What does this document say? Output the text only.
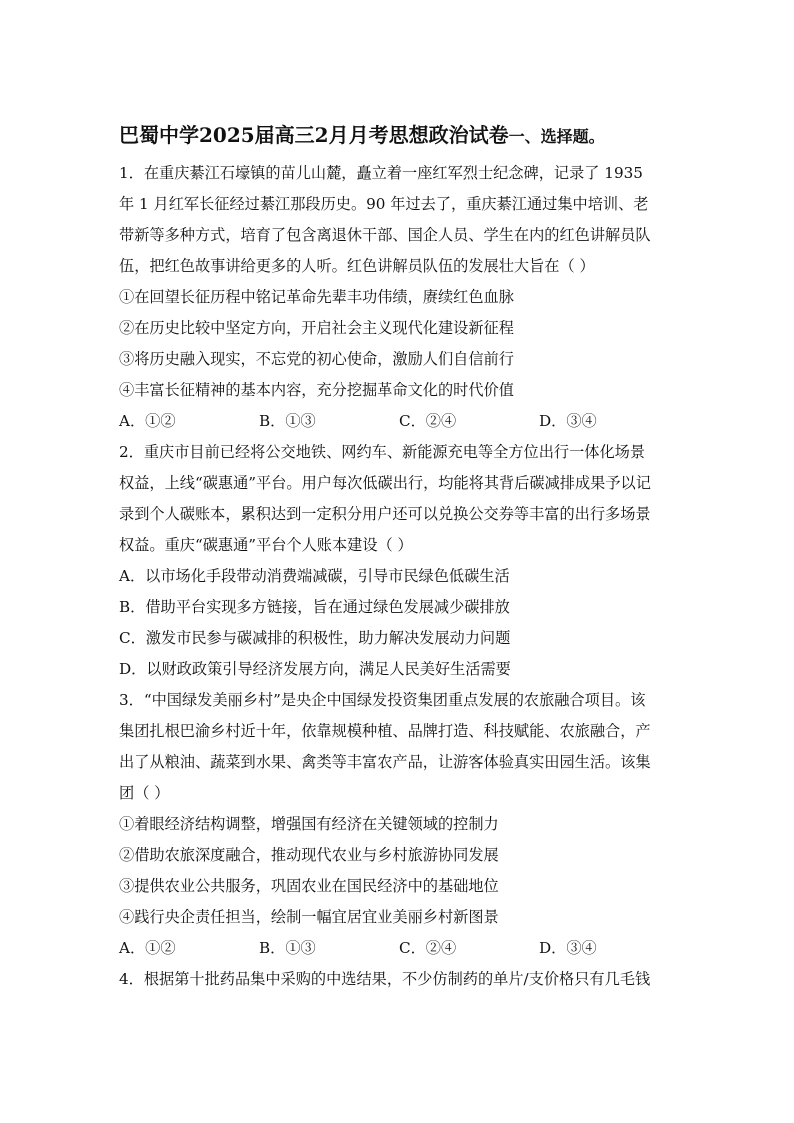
巴蜀中学2025届高三2月月考思想政治试卷一、选择题。
1．在重庆綦江石壕镇的苗儿山麓，矗立着一座红军烈士纪念碑，记录了 1935
年 1 月红军长征经过綦江那段历史。90 年过去了，重庆綦江通过集中培训、老
带新等多种方式，培育了包含离退休干部、国企人员、学生在内的红色讲解员队
伍，把红色故事讲给更多的人听。红色讲解员队伍的发展壮大旨在（ ）
①在回望长征历程中铭记革命先辈丰功伟绩，赓续红色血脉
②在历史比较中坚定方向，开启社会主义现代化建设新征程
③将历史融入现实，不忘党的初心使命，激励人们自信前行
④丰富长征精神的基本内容，充分挖掘革命文化的时代价值
A．①②	B．①③	C．②④	D．③④
2．重庆市目前已经将公交地铁、网约车、新能源充电等全方位出行一体化场景
权益，上线“碳惠通”平台。用户每次低碳出行，均能将其背后碳减排成果予以记
录到个人碳账本，累积达到一定积分用户还可以兑换公交券等丰富的出行多场景
权益。重庆“碳惠通”平台个人账本建设（ ）
A．以市场化手段带动消费端减碳，引导市民绿色低碳生活
B．借助平台实现多方链接，旨在通过绿色发展减少碳排放
C．激发市民参与碳减排的积极性，助力解决发展动力问题
D．以财政政策引导经济发展方向，满足人民美好生活需要
3．“中国绿发美丽乡村”是央企中国绿发投资集团重点发展的农旅融合项目。该
集团扎根巴渝乡村近十年，依靠规模种植、品牌打造、科技赋能、农旅融合，产
出了从粮油、蔬菜到水果、禽类等丰富农产品，让游客体验真实田园生活。该集
团（ ）
①着眼经济结构调整，增强国有经济在关键领域的控制力
②借助农旅深度融合，推动现代农业与乡村旅游协同发展
③提供农业公共服务，巩固农业在国民经济中的基础地位
④践行央企责任担当，绘制一幅宜居宜业美丽乡村新图景
A．①②	B．①③	C．②④	D．③④
4．根据第十批药品集中采购的中选结果，不少仿制药的单片/支价格只有几毛钱
